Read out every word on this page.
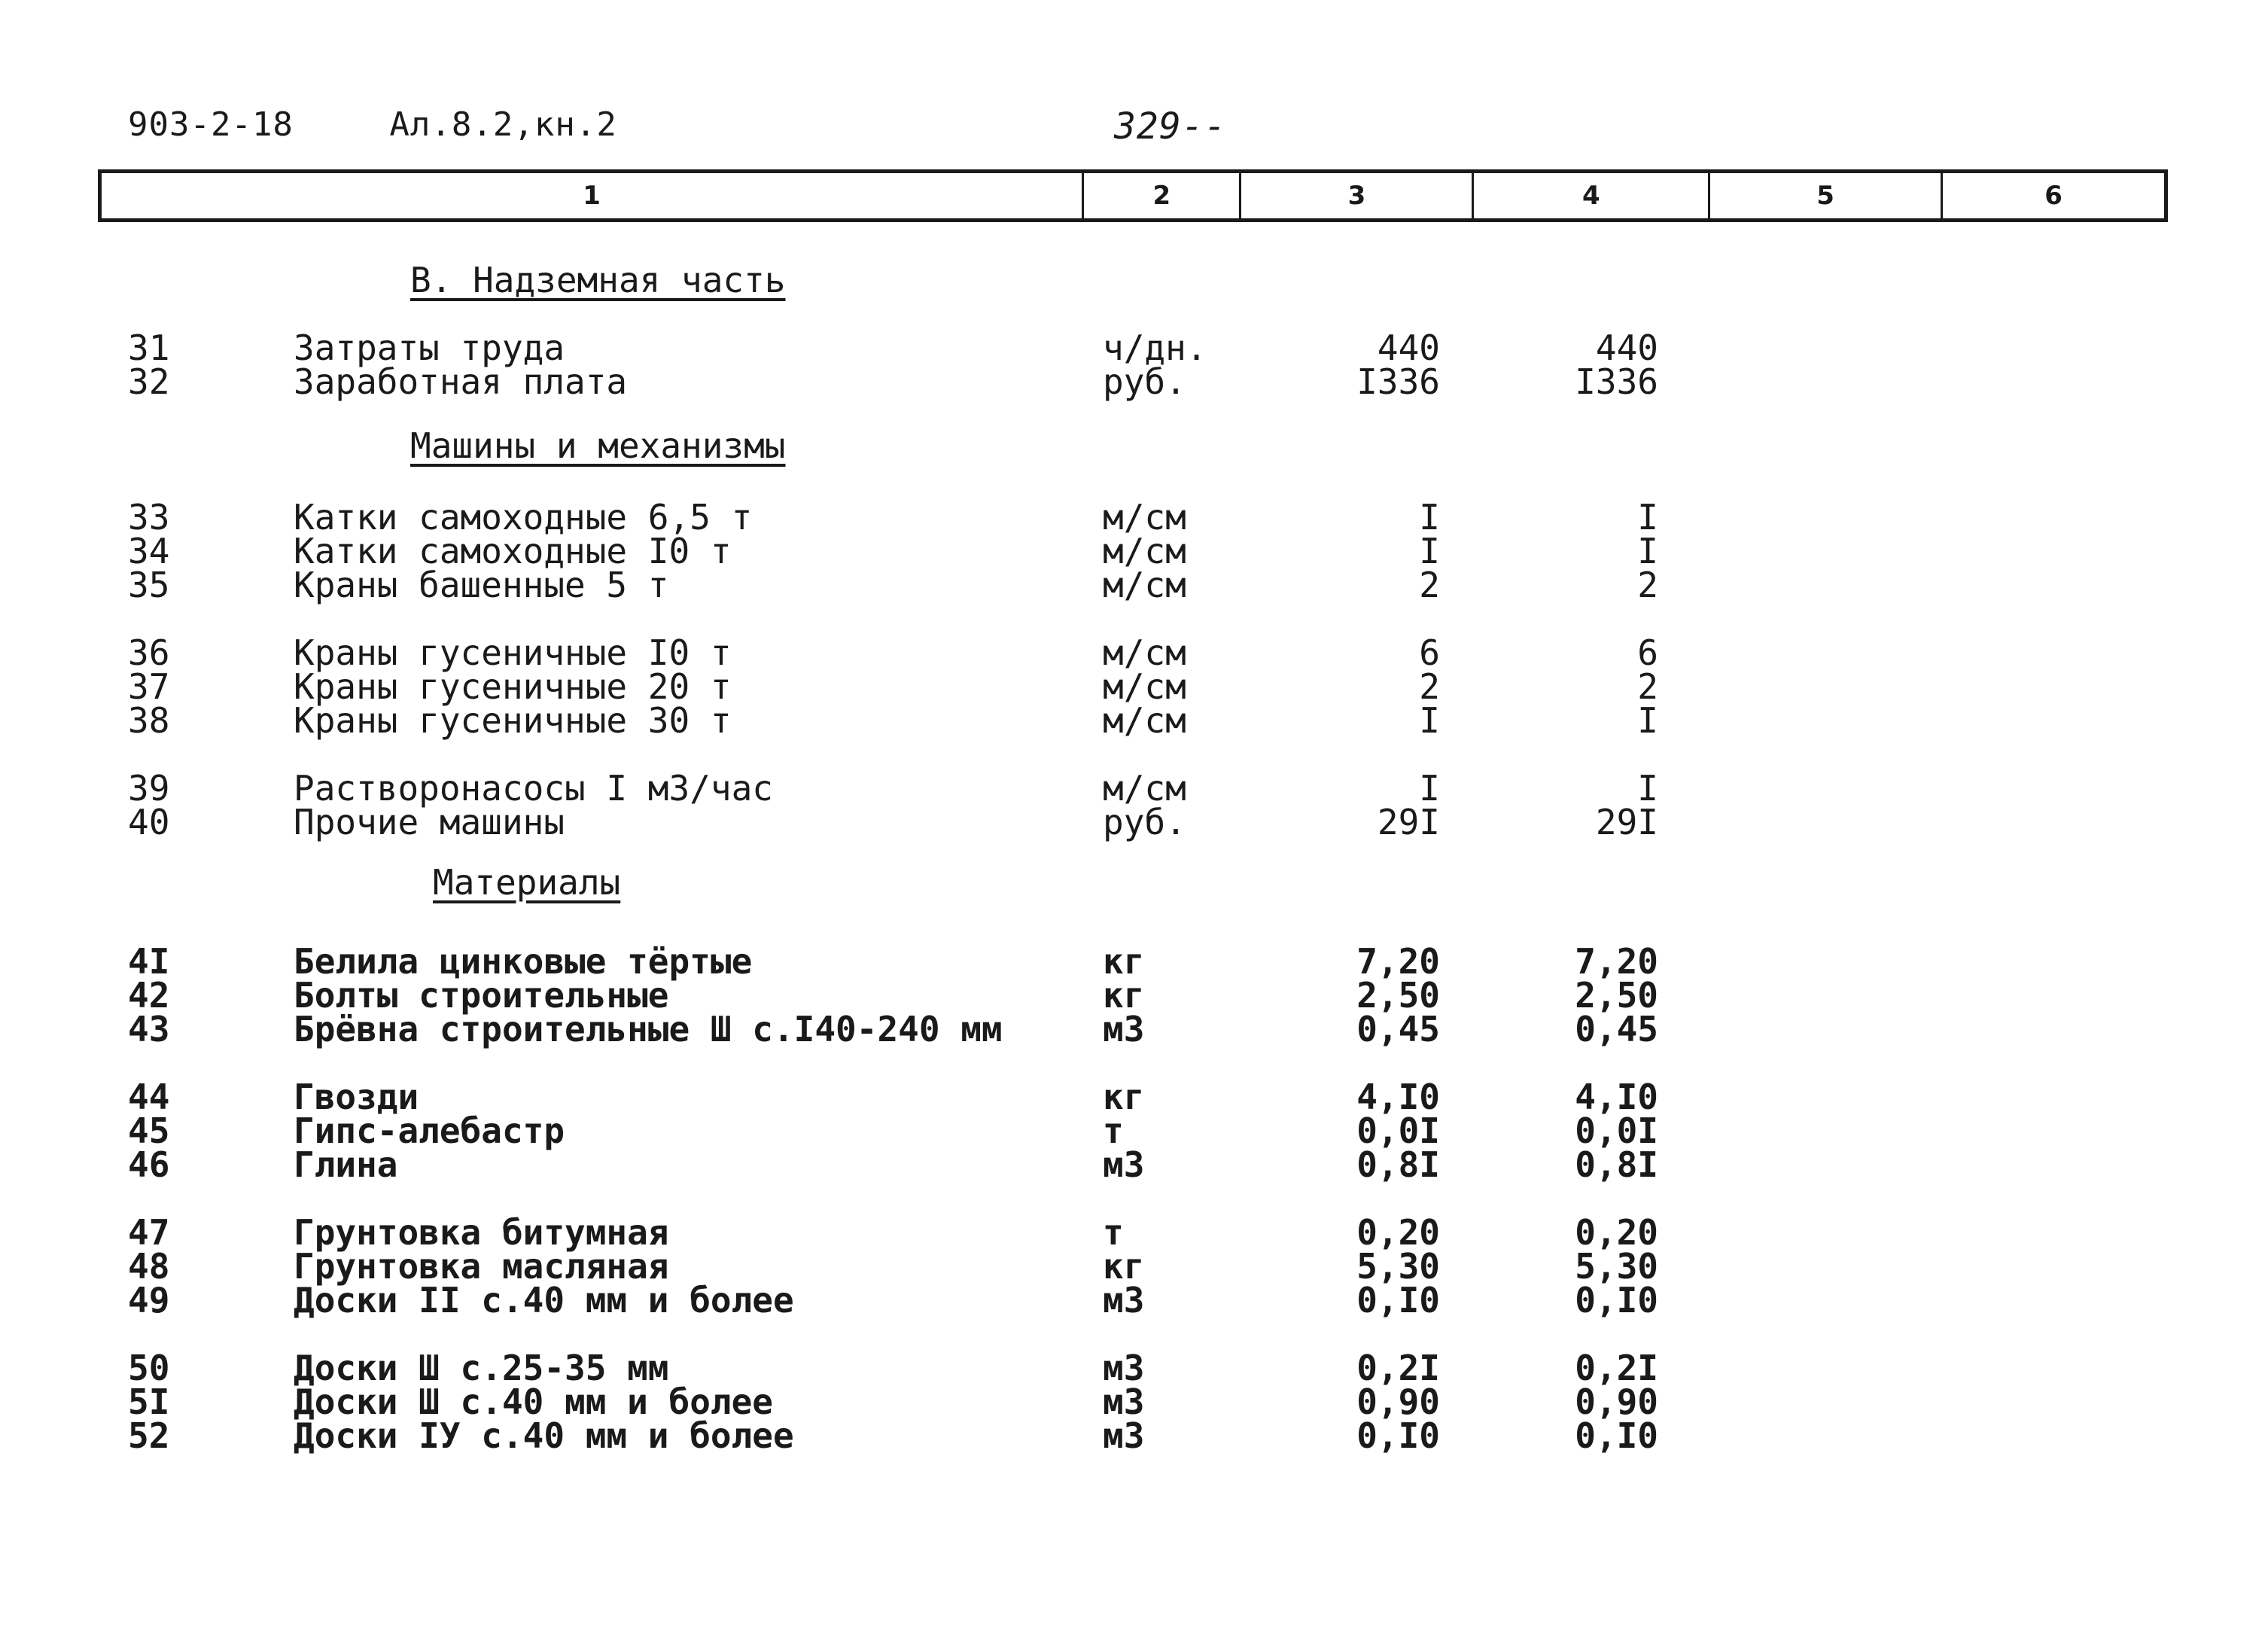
903-2-18	Ал.8.2,кн.2	329--
1	2	3	4	5	6
В. Надземная часть
Машины и механизмы
Материалы
31	Затраты труда	ч/дн.	440	440
32	Заработная плата	руб.	I336	I336
33	Катки самоходные 6,5 т	м/см	I	I
34	Катки самоходные I0 т	м/см	I	I
35	Краны башенные 5 т	м/см	2	2
36	Краны гусеничные I0 т	м/см	6	6
37	Краны гусеничные 20 т	м/см	2	2
38	Краны гусеничные 30 т	м/см	I	I
39	Растворонасосы I м3/час	м/см	I	I
40	Прочие машины	руб.	29I	29I
4I	Белила цинковые тёртые	кг	7,20	7,20
42	Болты строительные	кг	2,50	2,50
43	Брёвна строительные Ш с.I40-240 мм	м3	0,45	0,45
44	Гвозди	кг	4,I0	4,I0
45	Гипс-алебастр	т	0,0I	0,0I
46	Глина	м3	0,8I	0,8I
47	Грунтовка битумная	т	0,20	0,20
48	Грунтовка масляная	кг	5,30	5,30
49	Доски II с.40 мм и более	м3	0,I0	0,I0
50	Доски Ш с.25-35 мм	м3	0,2I	0,2I
5I	Доски Ш с.40 мм и более	м3	0,90	0,90
52	Доски IУ с.40 мм и более	м3	0,I0	0,I0
